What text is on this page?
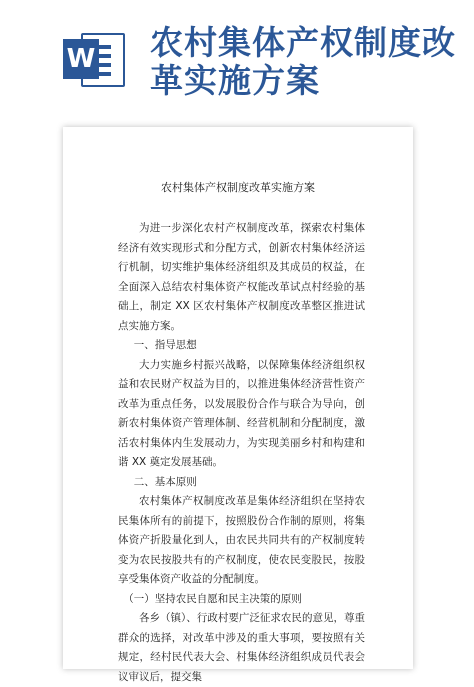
W 农村集体产权制度改革实施方案
农村集体产权制度改革实施方案

为进一步深化农村产权制度改革，探索农村集体经济有效实现形式和分配方式，创新农村集体经济运行机制，切实维护集体经济组织及其成员的权益，在全面深入总结农村集体资产权能改革试点村经验的基础上，制定 XX 区农村集体产权制度改革整区推进试点实施方案。

一、指导思想

大力实施乡村振兴战略，以保障集体经济组织权益和农民财产权益为目的，以推进集体经济营性资产改革为重点任务，以发展股份合作与联合为导向，创新农村集体资产管理体制、经营机制和分配制度，激活农村集体内生发展动力，为实现美丽乡村和构建和谐 XX 奠定发展基础。

二、基本原则

农村集体产权制度改革是集体经济组织在坚持农民集体所有的前提下，按照股份合作制的原则，将集体资产折股量化到人，由农民共同共有的产权制度转变为农民按股共有的产权制度，使农民变股民，按股享受集体资产收益的分配制度。

（一）坚持农民自愿和民主决策的原则

各乡（镇）、行政村要广泛征求农民的意见，尊重群众的选择，对改革中涉及的重大事项，要按照有关规定，经村民代表大会、村集体经济组织成员代表会议审议后，提交集
